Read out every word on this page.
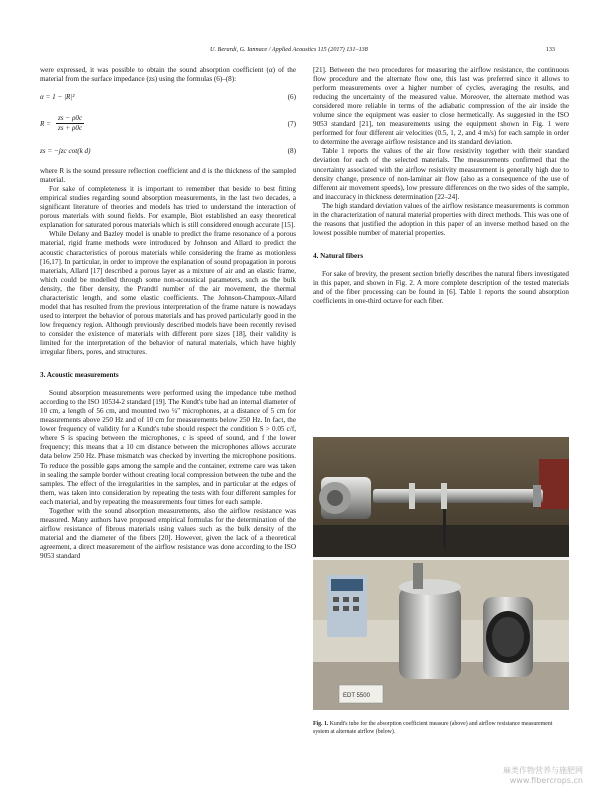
U. Berardi, G. Iannace / Applied Acoustics 115 (2017) 131–138	133

were expressed, it was possible to obtain the sound absorption coefficient (α) of the material from the surface impedance (zs) using the formulas (6)–(8):

α = 1 − |R|²	(6)
$R = \frac{zs - \rho 0c}{zs + \rho 0c}$	(7)
zs = −jzc cot(k d)	(8)

where R is the sound pressure reflection coefficient and d is the thickness of the sampled material.

For sake of completeness it is important to remember that beside to best fitting empirical studies regarding sound absorption measurements, in the last two decades, a significant literature of theories and models has tried to understand the interaction of porous materials with sound fields. For example, Biot established an easy theoretical explanation for saturated porous materials which is still considered enough accurate [15].

While Delany and Bazley model is unable to predict the frame resonance of a porous material, rigid frame methods were introduced by Johnson and Allard to predict the acoustic characteristics of porous materials while considering the frame as motionless [16,17]. In particular, in order to improve the explanation of sound propagation in porous materials, Allard [17] described a porous layer as a mixture of air and an elastic frame, which could be modelled through some non-acoustical parameters, such as the bulk density, the fiber density, the Prandtl number of the air movement, the thermal characteristic length, and some elastic coefficients. The Johnson-Champoux-Allard model that has resulted from the previous interpretation of the frame nature is nowadays used to interpret the behavior of porous materials and has proved particularly good in the low frequency region. Although previously described models have been recently revised to consider the existence of materials with different pore sizes [18], their validity is limited for the interpretation of the behavior of natural materials, which have highly irregular fibers, pores, and structures.

3. Acoustic measurements

Sound absorption measurements were performed using the impedance tube method according to the ISO 10534-2 standard [19]. The Kundt's tube had an internal diameter of 10 cm, a length of 56 cm, and mounted two ¼″ microphones, at a distance of 5 cm for measurements above 250 Hz and of 10 cm for measurements below 250 Hz. In fact, the lower frequency of validity for a Kundt's tube should respect the condition S > 0.05 c/f, where S is spacing between the microphones, c is speed of sound, and f the lower frequency; this means that a 10 cm distance between the microphones allows accurate data below 250 Hz. Phase mismatch was checked by inverting the microphone positions. To reduce the possible gaps among the sample and the container, extreme care was taken in sealing the sample border without creating local compression between the tube and the samples. The effect of the irregularities in the samples, and in particular at the edges of them, was taken into consideration by repeating the tests with four different samples for each material, and by repeating the measurements four times for each sample.

Together with the sound absorption measurements, also the airflow resistance was measured. Many authors have proposed empirical formulas for the determination of the airflow resistance of fibrous materials using values such as the bulk density of the material and the diameter of the fibers [20]. However, given the lack of a theoretical agreement, a direct measurement of the airflow resistance was done according to the ISO 9053 standard

[21]. Between the two procedures for measuring the airflow resistance, the continuous flow procedure and the alternate flow one, this last was preferred since it allows to perform measurements over a higher number of cycles, averaging the results, and reducing the uncertainty of the measured value. Moreover, the alternate method was considered more reliable in terms of the adiabatic compression of the air inside the volume since the equipment was easier to close hermetically. As suggested in the ISO 9053 standard [21], ten measurements using the equipment shown in Fig. 1 were performed for four different air velocities (0.5, 1, 2, and 4 m/s) for each sample in order to determine the average airflow resistance and its standard deviation.

Table 1 reports the values of the air flow resistivity together with their standard deviation for each of the selected materials. The measurements confirmed that the uncertainty associated with the airflow resistivity measurement is generally high due to density change, presence of non-laminar air flow (also as a consequence of the use of different air movement speeds), low pressure differences on the two sides of the sample, and inaccuracy in thickness determination [22–24].

The high standard deviation values of the airflow resistance measurements is common in the characterization of natural material properties with direct methods. This was one of the reasons that justified the adoption in this paper of an inverse method based on the lowest possible number of material properties.

4. Natural fibers

For sake of brevity, the present section briefly describes the natural fibers investigated in this paper, and shown in Fig. 2. A more complete description of the tested materials and of the fiber processing can be found in [6]. Table 1 reports the sound absorption coefficients in one-third octave for each fiber.

EDT 5500
Fig. 1. Kundt's tube for the absorption coefficient measure (above) and airflow resistance measurement system at alternate airflow (below).
麻类作物营养与施肥网
www.fibercrops.cn
